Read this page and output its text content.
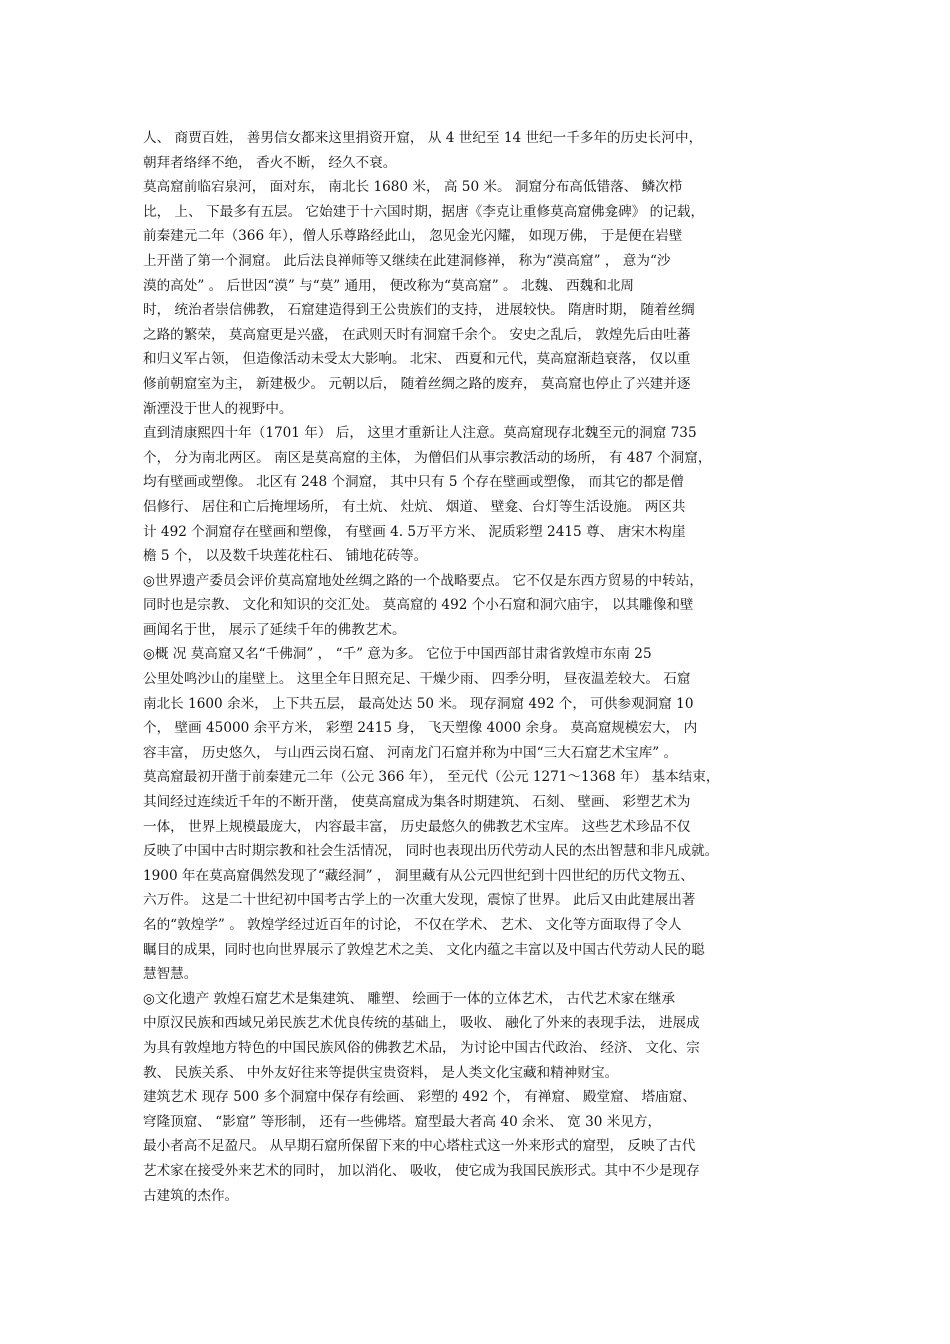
人、 商贾百姓， 善男信女都来这里捐资开窟， 从 4 世纪至 14 世纪一千多年的历史长河中，
朝拜者络绎不绝， 香火不断， 经久不衰。
莫高窟前临宕泉河， 面对东， 南北长 1680 米， 高 50 米。 洞窟分布高低错落、 鳞次栉
比， 上、 下最多有五层。 它始建于十六国时期，据唐《李克让重修莫高窟佛龛碑》 的记载，
前秦建元二年（366 年），僧人乐尊路经此山， 忽见金光闪耀， 如现万佛， 于是便在岩壁
上开凿了第一个洞窟。 此后法良禅师等又继续在此建洞修禅， 称为“漠高窟” ， 意为“沙
漠的高处” 。 后世因“漠” 与“莫” 通用， 便改称为“莫高窟” 。 北魏、 西魏和北周
时， 统治者崇信佛教， 石窟建造得到王公贵族们的支持， 进展较快。 隋唐时期， 随着丝绸
之路的繁荣， 莫高窟更是兴盛， 在武则天时有洞窟千余个。 安史之乱后， 敦煌先后由吐蕃
和归义军占领， 但造像活动未受太大影响。 北宋、 西夏和元代，莫高窟渐趋衰落， 仅以重
修前朝窟室为主， 新建极少。 元朝以后， 随着丝绸之路的废弃， 莫高窟也停止了兴建并逐
渐湮没于世人的视野中。
直到清康熙四十年（1701 年） 后， 这里才重新让人注意。莫高窟现存北魏至元的洞窟 735
个， 分为南北两区。 南区是莫高窟的主体， 为僧侣们从事宗教活动的场所， 有 487 个洞窟，
均有壁画或塑像。 北区有 248 个洞窟， 其中只有 5 个存在壁画或塑像， 而其它的都是僧
侣修行、 居住和亡后掩埋场所， 有土炕、 灶炕、 烟道、 壁龛、台灯等生活设施。 两区共
计 492 个洞窟存在壁画和塑像， 有壁画 4. 5万平方米、 泥质彩塑 2415 尊、 唐宋木构崖
檐 5 个， 以及数千块莲花柱石、 铺地花砖等。
◎世界遗产委员会评价莫高窟地处丝绸之路的一个战略要点。 它不仅是东西方贸易的中转站，
同时也是宗教、 文化和知识的交汇处。 莫高窟的 492 个小石窟和洞穴庙宇， 以其雕像和壁
画闻名于世， 展示了延续千年的佛教艺术。
◎概 况 莫高窟又名“千佛洞” ， “千” 意为多。 它位于中国西部甘肃省敦煌市东南 25
公里处鸣沙山的崖壁上。 这里全年日照充足、干燥少雨、 四季分明， 昼夜温差较大。 石窟
南北长 1600 余米， 上下共五层， 最高处达 50 米。 现存洞窟 492 个， 可供参观洞窟 10
个， 壁画 45000 余平方米， 彩塑 2415 身， 飞天塑像 4000 余身。 莫高窟规模宏大， 内
容丰富， 历史悠久， 与山西云岗石窟、 河南龙门石窟并称为中国“三大石窟艺术宝库” 。
莫高窟最初开凿于前秦建元二年（公元 366 年）， 至元代（公元 1271～1368 年） 基本结束，
其间经过连续近千年的不断开凿， 使莫高窟成为集各时期建筑、 石刻、 壁画、 彩塑艺术为
一体， 世界上规模最庞大， 内容最丰富， 历史最悠久的佛教艺术宝库。 这些艺术珍品不仅
反映了中国中古时期宗教和社会生活情况， 同时也表现出历代劳动人民的杰出智慧和非凡成就。
1900 年在莫高窟偶然发现了“藏经洞” ， 洞里藏有从公元四世纪到十四世纪的历代文物五、
六万件。 这是二十世纪初中国考古学上的一次重大发现，震惊了世界。 此后又由此建展出著
名的“敦煌学” 。 敦煌学经过近百年的讨论， 不仅在学术、 艺术、 文化等方面取得了令人
瞩目的成果，同时也向世界展示了敦煌艺术之美、 文化内蕴之丰富以及中国古代劳动人民的聪
慧智慧。
◎文化遗产 敦煌石窟艺术是集建筑、 雕塑、 绘画于一体的立体艺术， 古代艺术家在继承
中原汉民族和西域兄弟民族艺术优良传统的基础上， 吸收、 融化了外来的表现手法， 进展成
为具有敦煌地方特色的中国民族风俗的佛教艺术品， 为讨论中国古代政治、 经济、 文化、宗
教、 民族关系、 中外友好往来等提供宝贵资料， 是人类文化宝藏和精神财宝。
建筑艺术 现存 500 多个洞窟中保存有绘画、 彩塑的 492 个， 有禅窟、 殿堂窟、 塔庙窟、
穹隆顶窟、 “影窟” 等形制， 还有一些佛塔。窟型最大者高 40 余米、 宽 30 米见方，
最小者高不足盈尺。 从早期石窟所保留下来的中心塔柱式这一外来形式的窟型， 反映了古代
艺术家在接受外来艺术的同时， 加以消化、 吸收， 使它成为我国民族形式。其中不少是现存
古建筑的杰作。
